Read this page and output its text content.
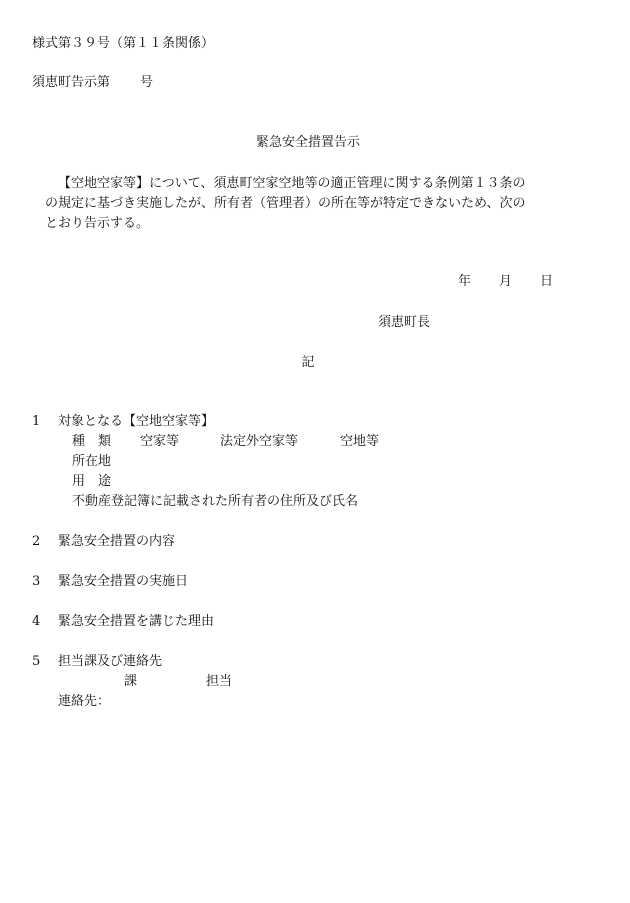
様式第３９号（第１１条関係）
須恵町告示第 号
緊急安全措置告示
【空地空家等】について、須恵町空家空地等の適正管理に関する条例第１３条の
の規定に基づき実施したが、所有者（管理者）の所在等が特定できないため、次の
とおり告示する。
年 月 日
須恵町長
記
1 対象となる【空地空家等】
種　類 空家等	法定外空家等	空地等
所在地
用　途
不動産登記簿に記載された所有者の住所及び氏名
2 緊急安全措置の内容
3 緊急安全措置の実施日
4 緊急安全措置を講じた理由
5 担当課及び連絡先
課	担当
連絡先：
